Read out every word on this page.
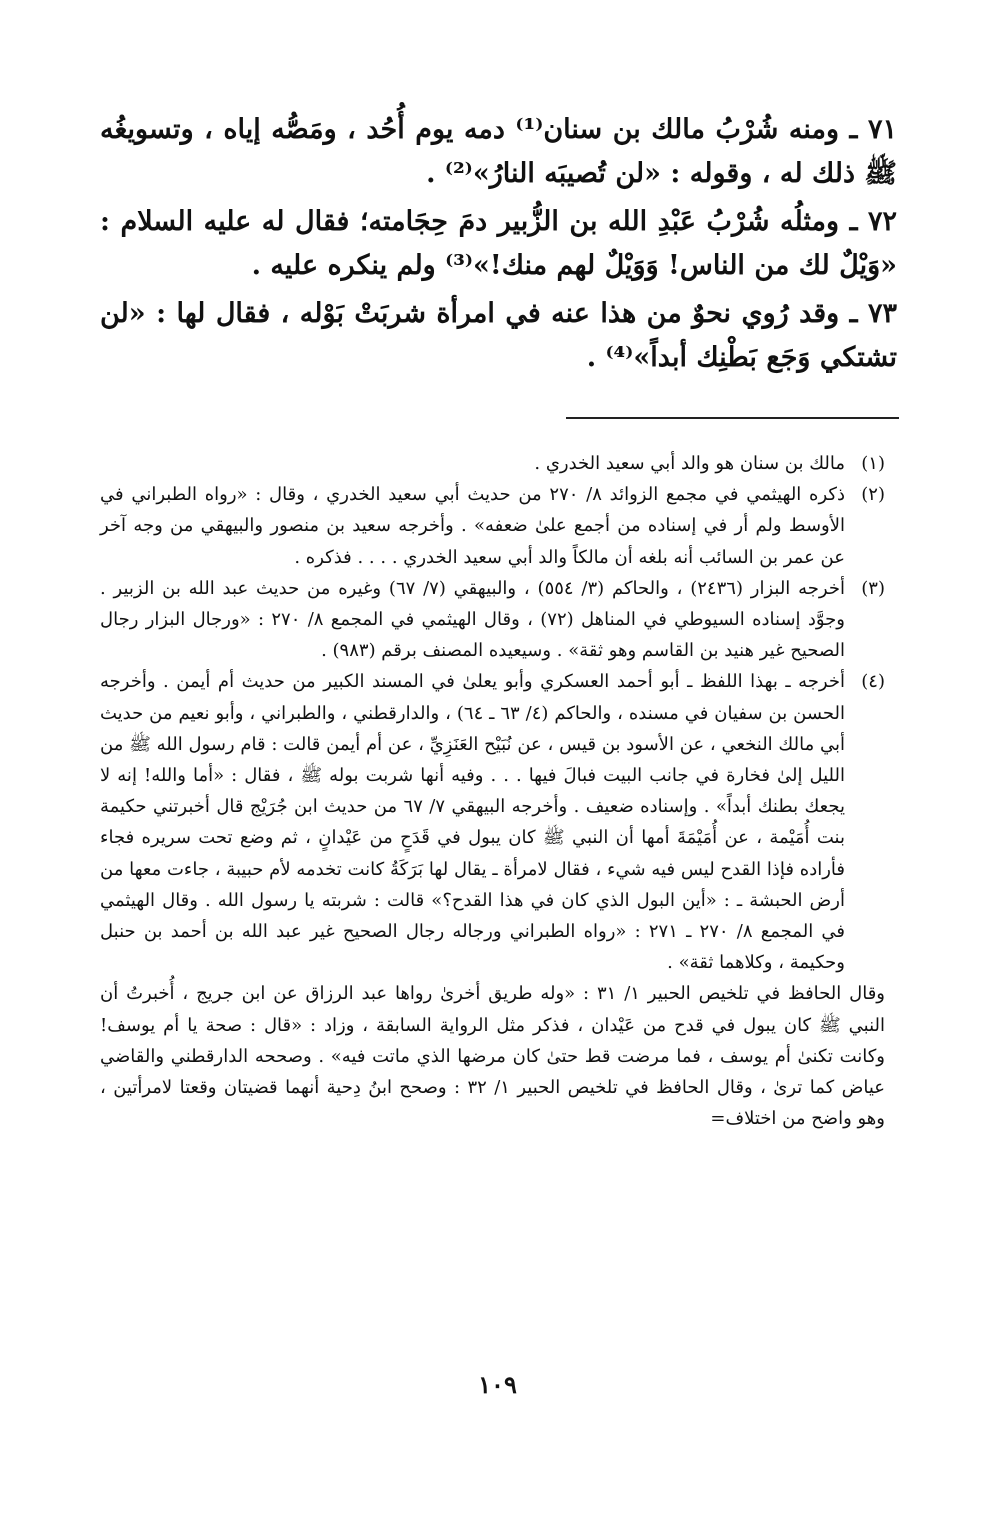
٧١ ـ ومنه شُرْبُ مالك بن سنان⁽¹⁾ دمه يوم أُحُد ، ومَصُّه إياه ، وتسويغُه ﷺ ذلك له ، وقوله : «لن تُصيبَه النارُ»⁽²⁾ .

٧٢ ـ ومثلُه شُرْبُ عَبْدِ الله بن الزُّبير دمَ حِجَامته؛ فقال له عليه السلام : «وَيْلٌ لك من الناس! وَوَيْلٌ لهم منك!»⁽³⁾ ولم ينكره عليه .

٧٣ ـ وقد رُوي نحوٌ من هذا عنه في امرأة شربَتْ بَوْله ، فقال لها : «لن تشتكي وَجَع بَطْنِك أبداً»⁽⁴⁾ .

(١)
مالك بن سنان هو والد أبي سعيد الخدري .
(٢)
ذكره الهيثمي في مجمع الزوائد ٨/ ٢٧٠ من حديث أبي سعيد الخدري ، وقال : «رواه الطبراني في الأوسط ولم أر في إسناده من أجمع علىٰ ضعفه» . وأخرجه سعيد بن منصور والبيهقي من وجه آخر عن عمر بن السائب أنه بلغه أن مالكاً والد أبي سعيد الخدري . . . . فذكره .
(٣)
أخرجه البزار (٢٤٣٦) ، والحاكم (٣/ ٥٥٤) ، والبيهقي (٧/ ٦٧) وغيره من حديث عبد الله بن الزبير . وجوَّد إسناده السيوطي في المناهل (٧٢) ، وقال الهيثمي في المجمع ٨/ ٢٧٠ : «ورجال البزار رجال الصحيح غير هنيد بن القاسم وهو ثقة» . وسيعيده المصنف برقم (٩٨٣) .
(٤)
أخرجه ـ بهذا اللفظ ـ أبو أحمد العسكري وأبو يعلىٰ في المسند الكبير من حديث أم أيمن . وأخرجه الحسن بن سفيان في مسنده ، والحاكم (٤/ ٦٣ ـ ٦٤) ، والدارقطني ، والطبراني ، وأبو نعيم من حديث أبي مالك النخعي ، عن الأسود بن قيس ، عن نُبَيْح العَنَزِيِّ ، عن أم أيمن قالت : قام رسول الله ﷺ من الليل إلىٰ فخارة في جانب البيت فبالَ فيها . . . وفيه أنها شربت بوله ﷺ ، فقال : «أما والله! إنه لا يجعك بطنك أبداً» . وإسناده ضعيف . وأخرجه البيهقي ٧/ ٦٧ من حديث ابن جُرَيْج قال أخبرتني حكيمة بنت أُمَيْمة ، عن أُمَيْمَةَ أمها أن النبي ﷺ كان يبول في قَدَحٍ من عَيْدانٍ ، ثم وضع تحت سريره فجاء فأراده فإذا القدح ليس فيه شيء ، فقال لامرأة ـ يقال لها بَرَكَةُ كانت تخدمه لأم حبيبة ، جاءت معها من أرض الحبشة ـ : «أين البول الذي كان في هذا القدح؟» قالت : شربته يا رسول الله . وقال الهيثمي في المجمع ٨/ ٢٧٠ ـ ٢٧١ : «رواه الطبراني ورجاله رجال الصحيح غير عبد الله بن أحمد بن حنبل وحكيمة ، وكلاهما ثقة» .
وقال الحافظ في تلخيص الحبير ١/ ٣١ : «وله طريق أخرىٰ رواها عبد الرزاق عن ابن جريج ، أُخبرتُ أن النبي ﷺ كان يبول في قدح من عَيْدان ، فذكر مثل الرواية السابقة ، وزاد : «قال : صحة يا أم يوسف! وكانت تكنىٰ أم يوسف ، فما مرضت قط حتىٰ كان مرضها الذي ماتت فيه» . وصححه الدارقطني والقاضي عياض كما ترىٰ ، وقال الحافظ في تلخيص الحبير ١/ ٣٢ : وصحح ابنُ دِحية أنهما قضيتان وقعتا لامرأتين ، وهو واضح من اختلاف=
١٠٩
